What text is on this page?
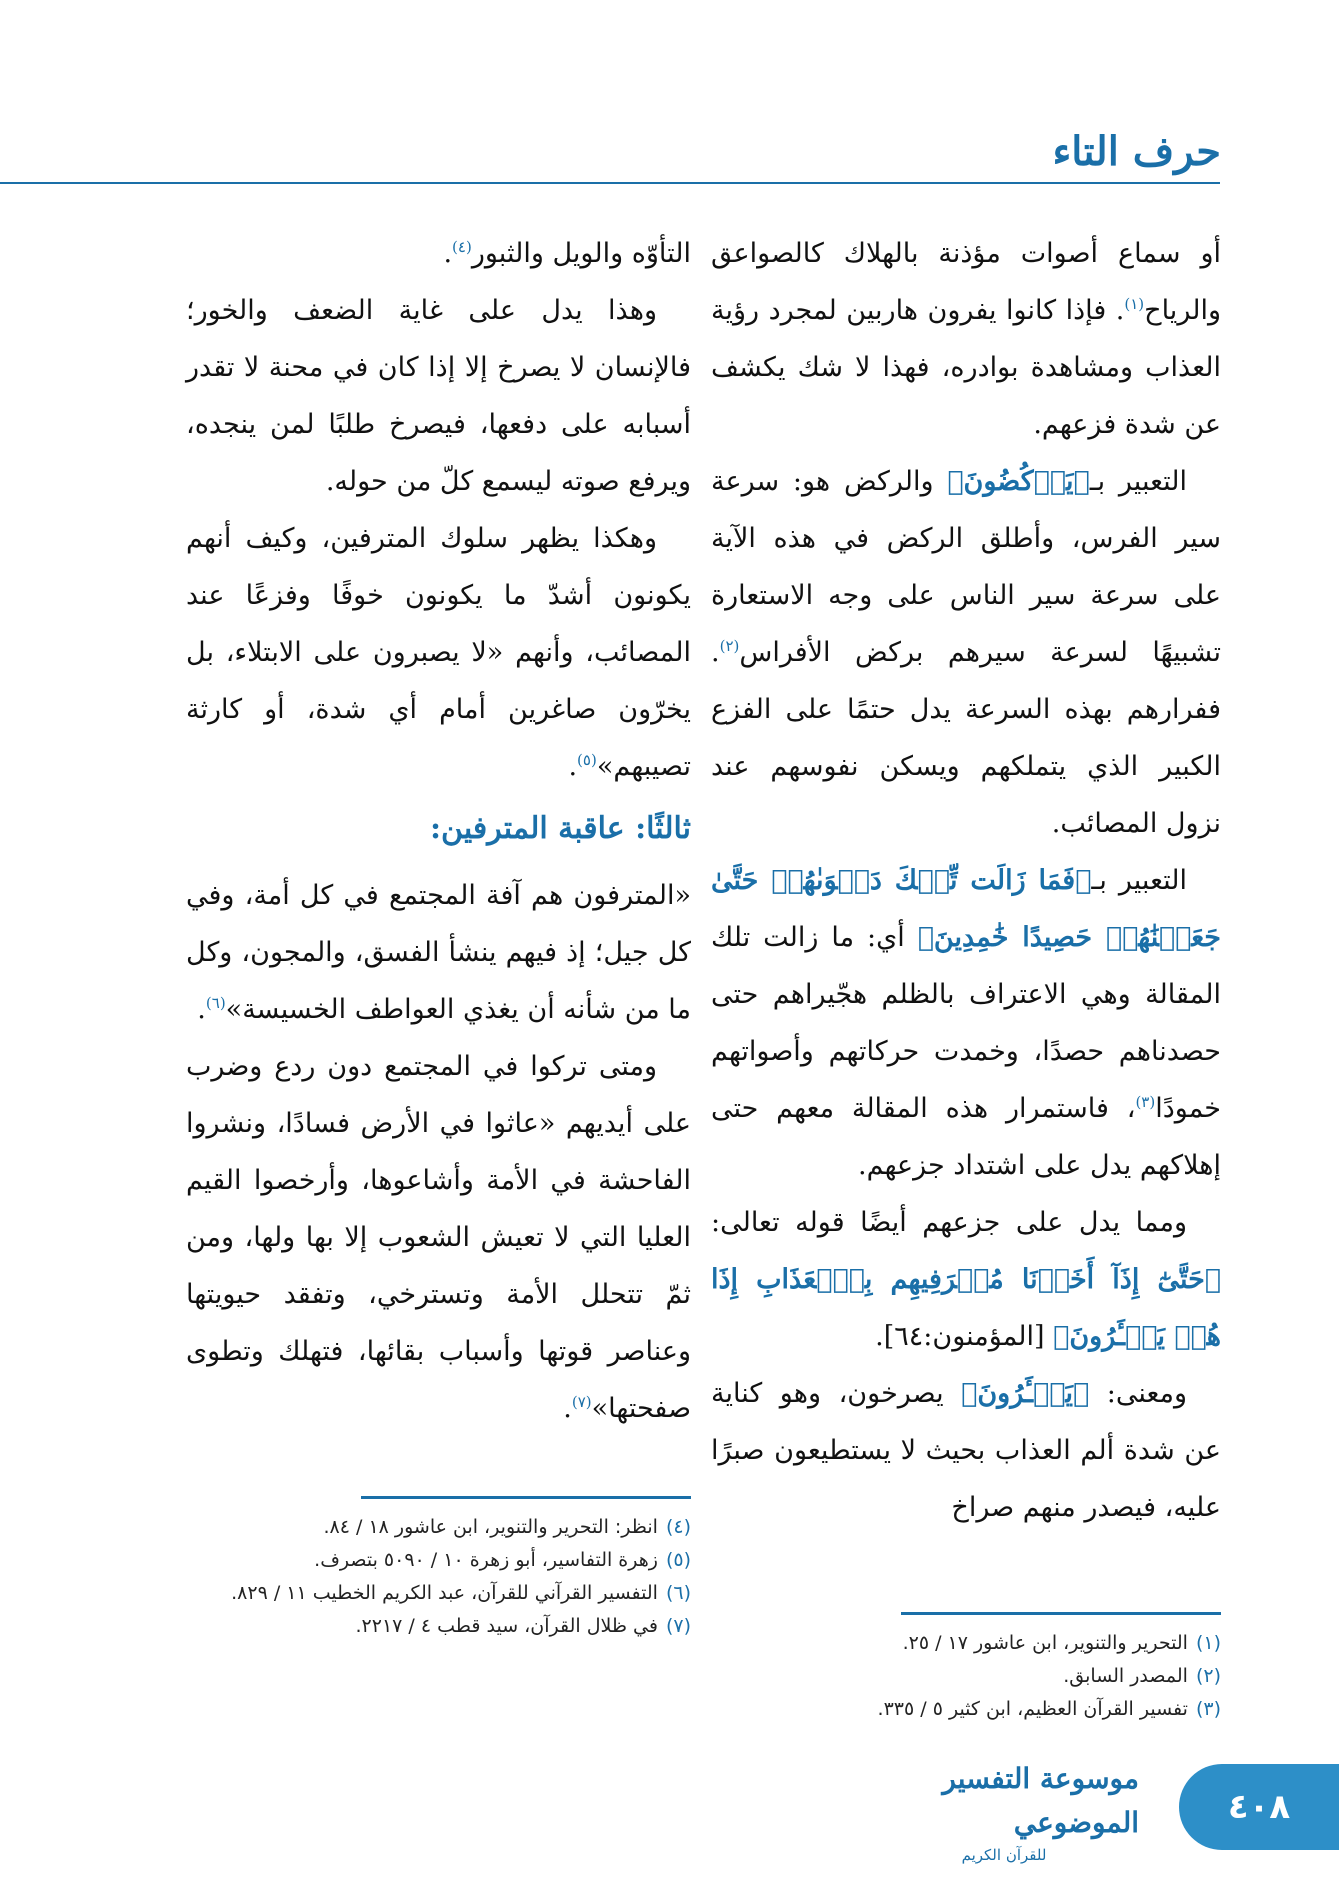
حرف التاء

أو سماع أصوات مؤذنة بالهلاك كالصواعق والرياح$^{(١)}$. فإذا كانوا يفرون هاربين لمجرد رؤية العذاب ومشاهدة بوادره، فهذا لا شك يكشف عن شدة فزعهم.

التعبير بـ﴿يَرۡكُضُونَ﴾ والركض هو: سرعة سير الفرس، وأطلق الركض في هذه الآية على سرعة سير الناس على وجه الاستعارة تشبيهًا لسرعة سيرهم بركض الأفراس$^{(٢)}$. ففرارهم بهذه السرعة يدل حتمًا على الفزع الكبير الذي يتملكهم ويسكن نفوسهم عند نزول المصائب.

التعبير بـ﴿فَمَا زَالَت تِّلۡكَ دَعۡوَىٰهُمۡ حَتَّىٰ جَعَلۡنَٰهُمۡ حَصِيدًا خَٰمِدِينَ﴾ أي: ما زالت تلك المقالة وهي الاعتراف بالظلم هجّيراهم حتى حصدناهم حصدًا، وخمدت حركاتهم وأصواتهم خمودًا$^{(٣)}$، فاستمرار هذه المقالة معهم حتى إهلاكهم يدل على اشتداد جزعهم.

ومما يدل على جزعهم أيضًا قوله تعالى: ﴿حَتَّىٰٓ إِذَآ أَخَذۡنَا مُتۡرَفِيهِم بِٱلۡعَذَابِ إِذَا هُمۡ يَجۡـَٔرُونَ﴾ [المؤمنون:٦٤].

ومعنى: ﴿يَجۡـَٔرُونَ﴾ يصرخون، وهو كناية عن شدة ألم العذاب بحيث لا يستطيعون صبرًا عليه، فيصدر منهم صراخ

التأوّه والويل والثبور$^{(٤)}$.

وهذا يدل على غاية الضعف والخور؛ فالإنسان لا يصرخ إلا إذا كان في محنة لا تقدر أسبابه على دفعها، فيصرخ طلبًا لمن ينجده، ويرفع صوته ليسمع كلّ من حوله.

وهكذا يظهر سلوك المترفين، وكيف أنهم يكونون أشدّ ما يكونون خوفًا وفزعًا عند المصائب، وأنهم «لا يصبرون على الابتلاء، بل يخرّون صاغرين أمام أي شدة، أو كارثة تصيبهم»$^{(٥)}$.

ثالثًا: عاقبة المترفين:

«المترفون هم آفة المجتمع في كل أمة، وفي كل جيل؛ إذ فيهم ينشأ الفسق، والمجون، وكل ما من شأنه أن يغذي العواطف الخسيسة»$^{(٦)}$.

ومتى تركوا في المجتمع دون ردع وضرب على أيديهم «عاثوا في الأرض فسادًا، ونشروا الفاحشة في الأمة وأشاعوها، وأرخصوا القيم العليا التي لا تعيش الشعوب إلا بها ولها، ومن ثمّ تتحلل الأمة وتسترخي، وتفقد حيويتها وعناصر قوتها وأسباب بقائها، فتهلك وتطوى صفحتها»$^{(٧)}$.

(٤)
انظر: التحرير والتنوير، ابن عاشور ١٨ / ٨٤.
(٥)
زهرة التفاسير، أبو زهرة ١٠ / ٥٠٩٠ بتصرف.
(٦)
التفسير القرآني للقرآن، عبد الكريم الخطيب ١١ / ٨٢٩.
(٧)
في ظلال القرآن، سيد قطب ٤ / ٢٢١٧.
(١)
التحرير والتنوير، ابن عاشور ١٧ / ٢٥.
(٢)
المصدر السابق.
(٣)
تفسير القرآن العظيم، ابن كثير ٥ / ٣٣٥.
٤٠٨
موسوعة التفسير الموضوعي
للقرآن الكريم
